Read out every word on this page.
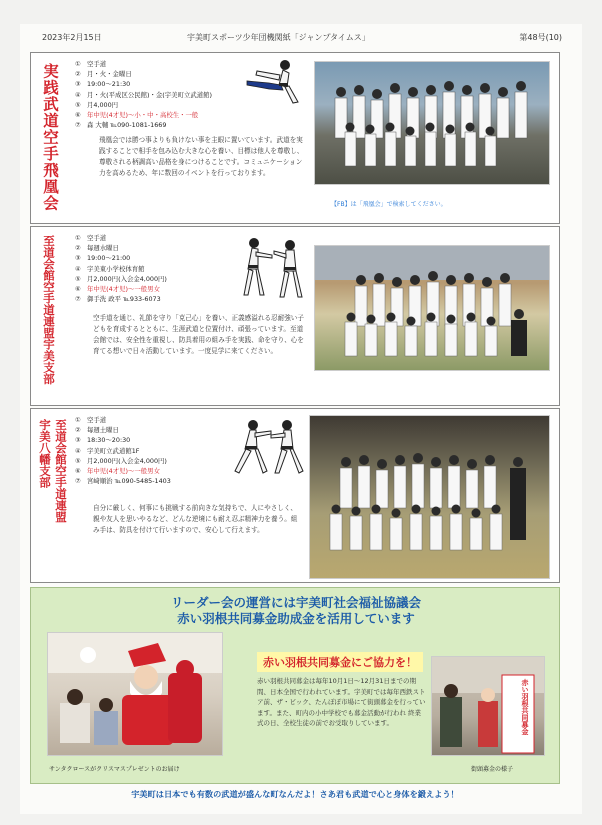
2023年2月15日	宇美町スポーツ少年団機関紙「ジャンプタイムス」	第48号(10)
実践武道空手飛凰会 ① 空手道
② 月・火・金曜日
③ 19:00〜21:30
④ 月・火(平成区公民館)・金(宇美町立武道館)
⑤ 月4,000円
⑥ 年中児(4才児)〜小・中・高校生・一般
⑦ 森 大輔 ℡090-1081-1669
飛凰会では勝つ事よりも負けない事を主眼に置いています。武道を実践することで相手を包み込む大きな心を養い、目標は他人を尊敬し、尊敬される柄調高い品格を身につけることです。コミュニケーション力を高めるため、年に数回のイベントを行っております。
【FB】は「飛凰会」で検索してください。
至道会館空手道連盟宇美支部	① 空手道
② 毎週水曜日
③ 19:00〜21:00
④ 宇美東小学校体育館
⑤ 月2,000円(入会金4,000円)
⑥ 年中児(4才児)〜一般男女
⑦ 御手洗 政平 ℡933-6073
空手道を通じ、礼節を守り「克己心」を養い、正義感溢れる忍耐強い子どもを育成するとともに、生涯武道と位置付け、頑張っています。至道会館では、安全性を重視し、防具着用の組み手を実践、命を守り、心を育てる想いで日々活動しています。一度見学に来てください。
至道会館空手道連盟宇美八幡支部	① 空手道
② 毎週土曜日
③ 18:30〜20:30
④ 宇美町立武道館1F
⑤ 月2,000円(入会金4,000円)
⑥ 年中児(4才児)〜一般男女
⑦ 宮﨑順治 ℡090-5485-1403
自分に厳しく、何事にも挑戦する前向きな気持ちで、人にやさしく、親や友人を思いやるなど、どんな逆境にも耐え忍ぶ精神力を養う。組み手は、防具を付けて行いますので、安心して行えます。
リーダー会の運営には宇美町社会福祉協議会
赤い羽根共同募金助成金を活用しています
サンタクロースがクリスマスプレゼントのお届け
赤い羽根共同募金にご協力を！
赤い羽根共同募金は毎年10月1日〜12月31日までの期間、日本全国で行われています。宇美町では毎年西鉄ストア前、ザ・ビック、たんぽぽ市場にて街頭募金を行っています。また、町内の小中学校でも募金活動が行われ 終業式の日、全校生徒の前でお受取りしています。	赤い羽根共同募金
街頭募金の様子
宇美町は日本でも有数の武道が盛んな町なんだよ！さあ君も武道で心と身体を鍛えよう！
